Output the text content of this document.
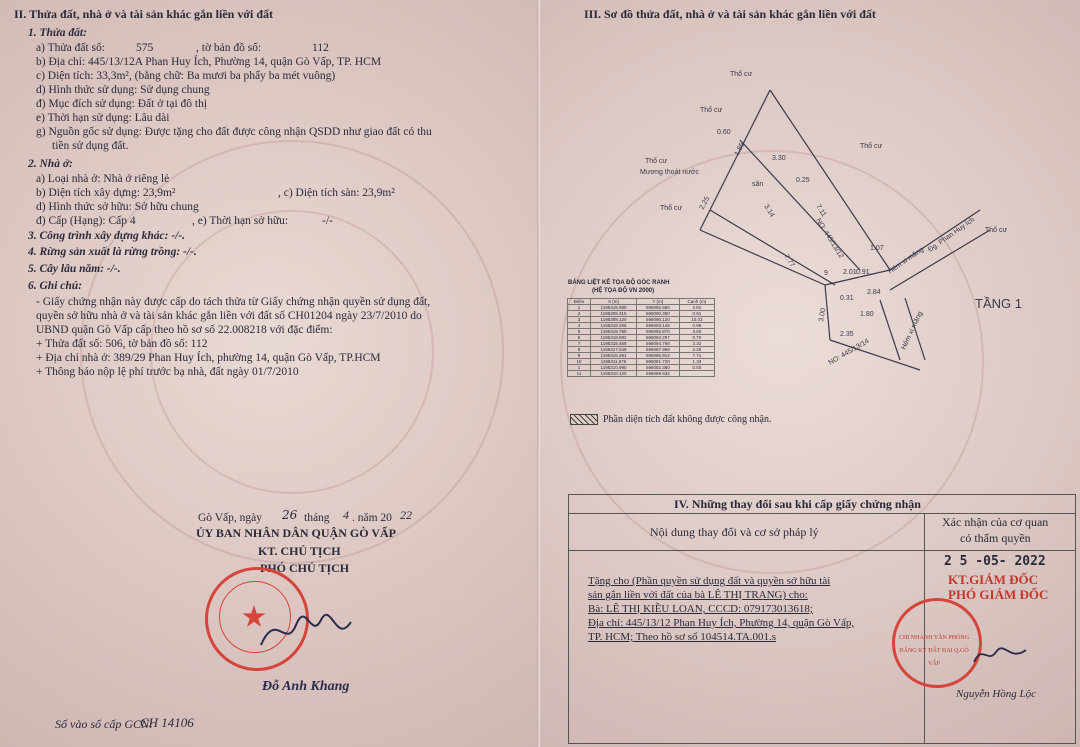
II. Thửa đất, nhà ở và tài sản khác gắn liền với đất
1. Thửa đất:
a) Thửa đất số:	575	, tờ bản đồ số:	112
b) Địa chỉ: 445/13/12A Phan Huy Ích, Phường 14, quận Gò Vấp, TP. HCM
c) Diện tích: 33,3m², (bằng chữ: Ba mươi ba phẩy ba mét vuông)
d) Hình thức sử dụng: Sử dụng chung
đ) Mục đích sử dụng: Đất ở tại đô thị
e) Thời hạn sử dụng: Lâu dài
g) Nguồn gốc sử dụng: Được tặng cho đất được công nhận QSDD như giao đất có thu
tiền sử dụng đất.
2. Nhà ở:
a) Loại nhà ở: Nhà ở riêng lẻ
b) Diện tích xây dựng: 23,9m²	, c) Diện tích sàn: 23,9m²
d) Hình thức sở hữu: Sở hữu chung
đ) Cấp (Hạng): Cấp 4	, e) Thời hạn sở hữu:	-/-
3. Công trình xây dựng khác: -/-.
4. Rừng sản xuất là rừng trồng: -/-.
5. Cây lâu năm: -/-.
6. Ghi chú:
- Giấy chứng nhận này được cấp do tách thửa từ Giấy chứng nhận quyền sử dụng đất,
quyền sở hữu nhà ở và tài sản khác gắn liền với đất số CH01204 ngày 23/7/2010 do
UBND quận Gò Vấp cấp theo hồ sơ số 22.008218 với đặc điểm:
+ Thửa đất số: 506, tờ bản đồ số: 112
+ Địa chỉ nhà ở: 389/29 Phan Huy Ích, phường 14, quận Gò Vấp, TP.HCM
+ Thông báo nộp lệ phí trước bạ nhà, đất ngày 01/7/2010
Gò Vấp, ngày 26 tháng 4 . năm 20 22
ỦY BAN NHÂN DÂN QUẬN GÒ VẤP
KT. CHỦ TỊCH
PHÓ CHỦ TỊCH
Đỗ Anh Khang
Số vào sổ cấp GCN:
CH 14106
III. Sơ đồ thửa đất, nhà ở và tài sản khác gắn liền với đất
Thổ cư
Thổ cư
Thổ cư
Thổ cư
Thổ cư
Thổ cư
Mương thoát nước
sân
Hẻm xi măng
Hẻm xi măng
Đg. Phan Huy Ích
NO: 445/13/12
NO: 445/13/14
TẦNG 1
0.60
3.30
1.85
0.25
3.14	7.11
7.77
2.25
2.84
0.91
0.31
2.35
1.80
3.00
9
1.07
2.01
BẢNG LIỆT KÊ TỌA ĐỘ GÓC RANH
(HỆ TỌA ĐỘ VN 2000)
Điểm	X (m)	Y (m)	Cạnh (m)
1	1195315.980	596092.960	2.81
2	1195309.315	596090.350	0.91
3	1195308.120	596090.120	10.03
4	1195318.266	596093.148	0.99
5	1195318.780	596092.870	3.60
6	1195318.992	596094.297	0.70
7	1195318.468	596094.768	3.32
8	1195317.049	596087.968	2.28
9	1195316.391	596086.912	7.71
10	1195311.676	596081.720	1.33
1	1195310.990	596082.360	0.50
11	1195310.120	596089.932	
Phần diện tích đất không được công nhận.
IV. Những thay đổi sau khi cấp giấy chứng nhận
Nội dung thay đổi và cơ sở pháp lý
Xác nhận của cơ quan
có thẩm quyền
Tặng cho (Phần quyền sử dụng đất và quyền sở hữu tài
sản gắn liền với đất của bà LÊ THỊ TRANG) cho:
Bà: LÊ THỊ KIỀU LOAN, CCCD: 079173013618;
Địa chỉ: 445/13/12 Phan Huy Ích, Phường 14, quận Gò Vấp,
TP. HCM; Theo hồ sơ số 104514.TA.001.s
2 5 -05- 2022
KT.GIÁM ĐỐC
PHÓ GIÁM ĐỐC
CHI NHÁNH VĂN PHÒNG ĐĂNG KÝ ĐẤT ĐAI Q.GÒ VẤP
Nguyễn Hồng Lộc
